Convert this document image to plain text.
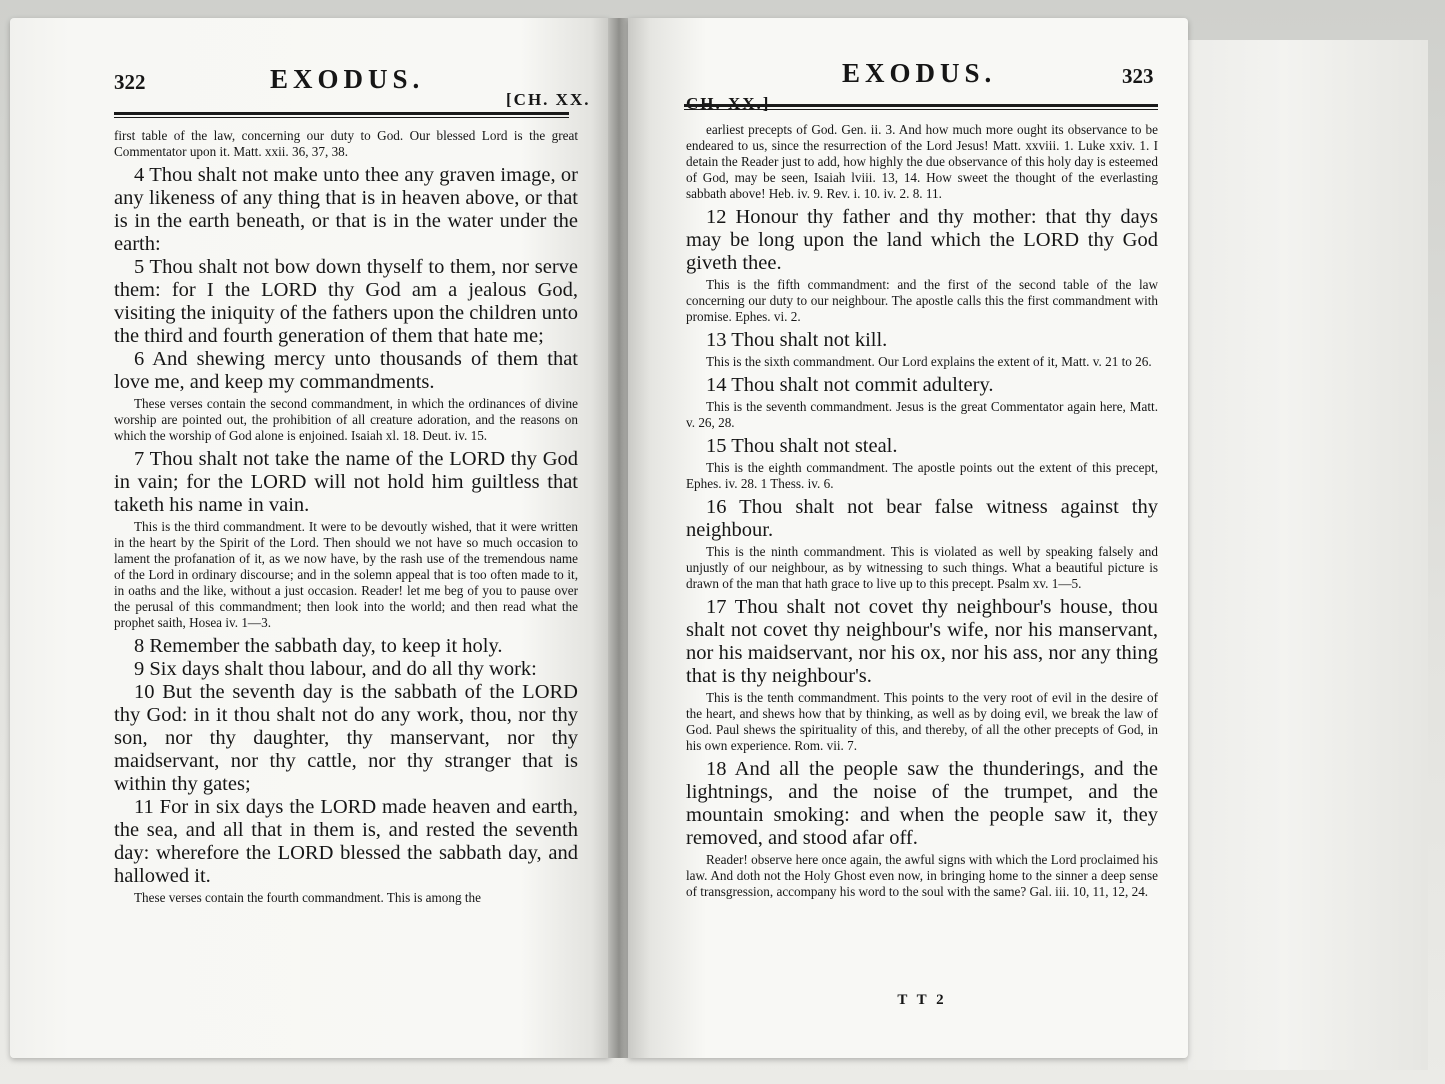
322	EXODUS.
[CH. XX.

first table of the law, concerning our duty to God. Our blessed Lord is the great Commentator upon it. Matt. xxii. 36, 37, 38.

4 Thou shalt not make unto thee any graven image, or any likeness of any thing that is in heaven above, or that is in the earth beneath, or that is in the water under the earth:

5 Thou shalt not bow down thyself to them, nor serve them: for I the LORD thy God am a jealous God, visiting the iniquity of the fathers upon the children unto the third and fourth generation of them that hate me;

6 And shewing mercy unto thousands of them that love me, and keep my commandments.

These verses contain the second commandment, in which the ordinances of divine worship are pointed out, the prohibition of all creature adoration, and the reasons on which the worship of God alone is enjoined. Isaiah xl. 18. Deut. iv. 15.

7 Thou shalt not take the name of the LORD thy God in vain; for the LORD will not hold him guiltless that taketh his name in vain.

This is the third commandment. It were to be devoutly wished, that it were written in the heart by the Spirit of the Lord. Then should we not have so much occasion to lament the profanation of it, as we now have, by the rash use of the tremendous name of the Lord in ordinary discourse; and in the solemn appeal that is too often made to it, in oaths and the like, without a just occasion. Reader! let me beg of you to pause over the perusal of this commandment; then look into the world; and then read what the prophet saith, Hosea iv. 1—3.

8 Remember the sabbath day, to keep it holy.

9 Six days shalt thou labour, and do all thy work:

10 But the seventh day is the sabbath of the LORD thy God: in it thou shalt not do any work, thou, nor thy son, nor thy daughter, thy manservant, nor thy maidservant, nor thy cattle, nor thy stranger that is within thy gates;

11 For in six days the LORD made heaven and earth, the sea, and all that in them is, and rested the seventh day: wherefore the LORD blessed the sabbath day, and hallowed it.

These verses contain the fourth commandment. This is among the

EXODUS.	323

earliest precepts of God. Gen. ii. 3. And how much more ought its observance to be endeared to us, since the resurrection of the Lord Jesus! Matt. xxviii. 1. Luke xxiv. 1. I detain the Reader just to add, how highly the due observance of this holy day is esteemed of God, may be seen, Isaiah lviii. 13, 14. How sweet the thought of the everlasting sabbath above! Heb. iv. 9. Rev. i. 10. iv. 2. 8. 11.

12 Honour thy father and thy mother: that thy days may be long upon the land which the LORD thy God giveth thee.

This is the fifth commandment: and the first of the second table of the law concerning our duty to our neighbour. The apostle calls this the first commandment with promise. Ephes. vi. 2.

13 Thou shalt not kill.

This is the sixth commandment. Our Lord explains the extent of it, Matt. v. 21 to 26.

14 Thou shalt not commit adultery.

This is the seventh commandment. Jesus is the great Commentator again here, Matt. v. 26, 28.

15 Thou shalt not steal.

This is the eighth commandment. The apostle points out the extent of this precept, Ephes. iv. 28. 1 Thess. iv. 6.

16 Thou shalt not bear false witness against thy neighbour.

This is the ninth commandment. This is violated as well by speaking falsely and unjustly of our neighbour, as by witnessing to such things. What a beautiful picture is drawn of the man that hath grace to live up to this precept. Psalm xv. 1—5.

17 Thou shalt not covet thy neighbour's house, thou shalt not covet thy neighbour's wife, nor his manservant, nor his maidservant, nor his ox, nor his ass, nor any thing that is thy neighbour's.

This is the tenth commandment. This points to the very root of evil in the desire of the heart, and shews how that by thinking, as well as by doing evil, we break the law of God. Paul shews the spirituality of this, and thereby, of all the other precepts of God, in his own experience. Rom. vii. 7.

18 And all the people saw the thunderings, and the lightnings, and the noise of the trumpet, and the mountain smoking: and when the people saw it, they removed, and stood afar off.

Reader! observe here once again, the awful signs with which the Lord proclaimed his law. And doth not the Holy Ghost even now, in bringing home to the sinner a deep sense of transgression, accompany his word to the soul with the same? Gal. iii. 10, 11, 12, 24.

T T 2
